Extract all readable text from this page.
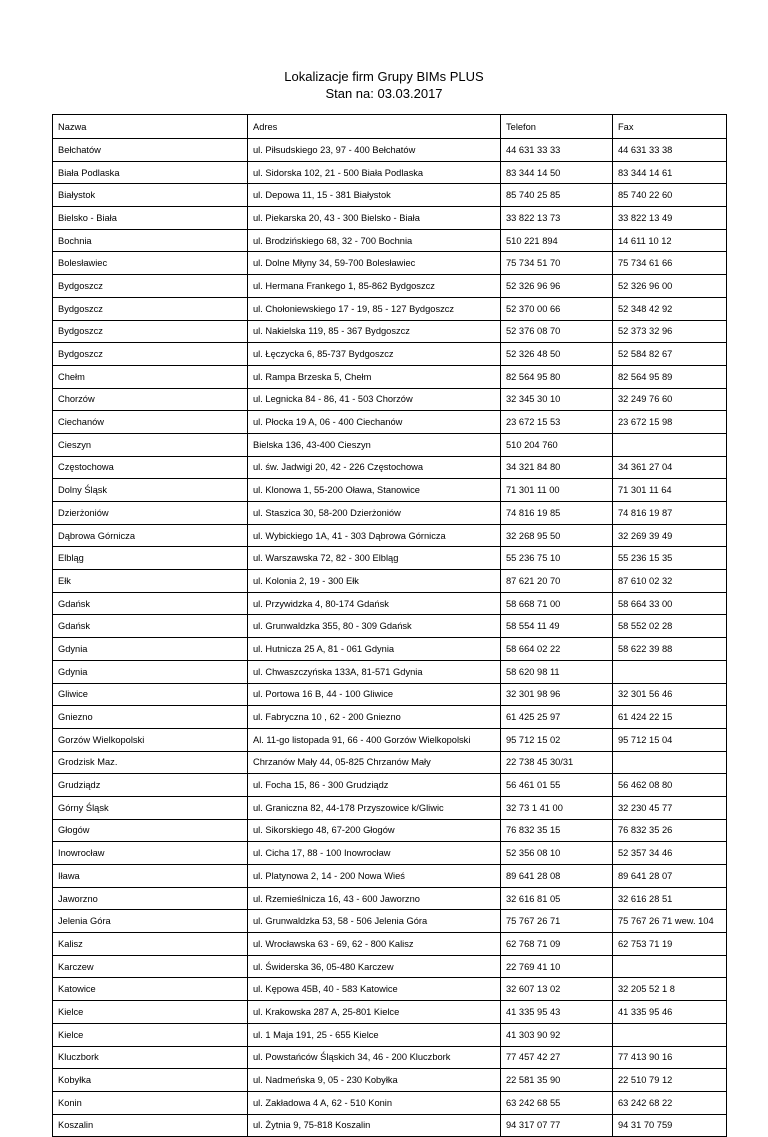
Lokalizacje firm Grupy BIMs PLUS
Stan na: 03.03.2017
Nazwa	Adres	Telefon	Fax
Bełchatów	ul. Piłsudskiego 23, 97 - 400 Bełchatów	44 631 33 33	44 631 33 38
Biała Podlaska	ul. Sidorska 102, 21 - 500 Biała Podlaska	83 344 14 50	83 344 14 61
Białystok	ul. Depowa 11, 15 - 381 Białystok	85 740 25 85	85 740 22 60
Bielsko - Biała	ul. Piekarska 20, 43 - 300 Bielsko - Biała	33 822 13 73	33 822 13 49
Bochnia	ul. Brodzińskiego 68, 32 - 700 Bochnia	510 221 894	14 611 10 12
Bolesławiec	ul. Dolne Młyny 34, 59-700 Bolesławiec	75 734 51 70	75 734 61 66
Bydgoszcz	ul. Hermana Frankego 1, 85-862 Bydgoszcz	52 326 96 96	52 326 96 00
Bydgoszcz	ul. Chołoniewskiego 17 - 19, 85 - 127 Bydgoszcz	52 370 00 66	52 348 42 92
Bydgoszcz	ul. Nakielska 119, 85 - 367 Bydgoszcz	52 376 08 70	52 373 32 96
Bydgoszcz	ul. Łęczycka 6, 85-737 Bydgoszcz	52 326 48 50	52 584 82 67
Chełm	ul. Rampa Brzeska 5, Chełm	82 564 95 80	82 564 95 89
Chorzów	ul. Legnicka 84 - 86, 41 - 503 Chorzów	32 345 30 10	32 249 76 60
Ciechanów	ul. Płocka 19 A, 06 - 400 Ciechanów	23 672 15 53	23 672 15 98
Cieszyn	Bielska 136, 43-400 Cieszyn	510 204 760	
Częstochowa	ul. św. Jadwigi 20, 42 - 226 Częstochowa	34 321 84 80	34 361 27 04
Dolny Śląsk	ul. Klonowa 1, 55-200 Oława, Stanowice	71 301 11 00	71 301 11 64
Dzierżoniów	ul. Staszica 30, 58-200 Dzierżoniów	74 816 19 85	74 816 19 87
Dąbrowa Górnicza	ul. Wybickiego 1A, 41 - 303 Dąbrowa Górnicza	32 268 95 50	32 269 39 49
Elbląg	ul. Warszawska 72, 82 - 300 Elbląg	55 236 75 10	55 236 15 35
Ełk	ul. Kolonia 2, 19 - 300 Ełk	87 621 20 70	87 610 02 32
Gdańsk	ul. Przywidzka 4, 80-174 Gdańsk	58 668 71 00	58 664 33 00
Gdańsk	ul. Grunwaldzka 355, 80 - 309 Gdańsk	58 554 11 49	58 552 02 28
Gdynia	ul. Hutnicza 25 A, 81 - 061 Gdynia	58 664 02 22	58 622 39 88
Gdynia	ul. Chwaszczyńska 133A, 81-571 Gdynia	58 620 98 11	
Gliwice	ul. Portowa 16 B, 44 - 100 Gliwice	32 301 98 96	32 301 56 46
Gniezno	ul. Fabryczna 10 , 62 - 200 Gniezno	61 425 25 97	61 424 22 15
Gorzów Wielkopolski	Al. 11-go listopada 91, 66 - 400 Gorzów Wielkopolski	95 712 15 02	95 712 15 04
Grodzisk Maz.	Chrzanów Mały 44, 05-825 Chrzanów Mały	22 738 45 30/31	
Grudziądz	ul. Focha 15, 86 - 300 Grudziądz	56 461 01 55	56 462 08 80
Górny Śląsk	ul. Graniczna 82, 44-178 Przyszowice k/Gliwic	32 73 1 41 00	32 230 45 77
Głogów	ul. Sikorskiego 48, 67-200 Głogów	76 832 35 15	76 832 35 26
Inowrocław	ul. Cicha 17, 88 - 100 Inowrocław	52 356 08 10	52 357 34 46
Iława	ul. Platynowa 2, 14 - 200 Nowa Wieś	89 641 28 08	89 641 28 07
Jaworzno	ul. Rzemieślnicza 16, 43 - 600 Jaworzno	32 616 81 05	32 616 28 51
Jelenia Góra	ul. Grunwaldzka 53, 58 - 506 Jelenia Góra	75 767 26 71	75 767 26 71 wew. 104
Kalisz	ul. Wrocławska 63 - 69, 62 - 800 Kalisz	62 768 71 09	62 753 71 19
Karczew	ul. Świderska 36, 05-480 Karczew	22 769 41 10	
Katowice	ul. Kępowa 45B, 40 - 583 Katowice	32 607 13 02	32 205 52 1 8
Kielce	ul. Krakowska 287 A, 25-801 Kielce	41 335 95 43	41 335 95 46
Kielce	ul. 1 Maja 191, 25 - 655 Kielce	41 303 90 92	
Kluczbork	ul. Powstańców Śląskich 34, 46 - 200 Kluczbork	77 457 42 27	77 413 90 16
Kobyłka	ul. Nadmeńska 9, 05 - 230 Kobyłka	22 581 35 90	22 510 79 12
Konin	ul. Zakładowa 4 A, 62 - 510 Konin	63 242 68 55	63 242 68 22
Koszalin	ul. Żytnia 9, 75-818 Koszalin	94 317 07 77	94 31 70 759
